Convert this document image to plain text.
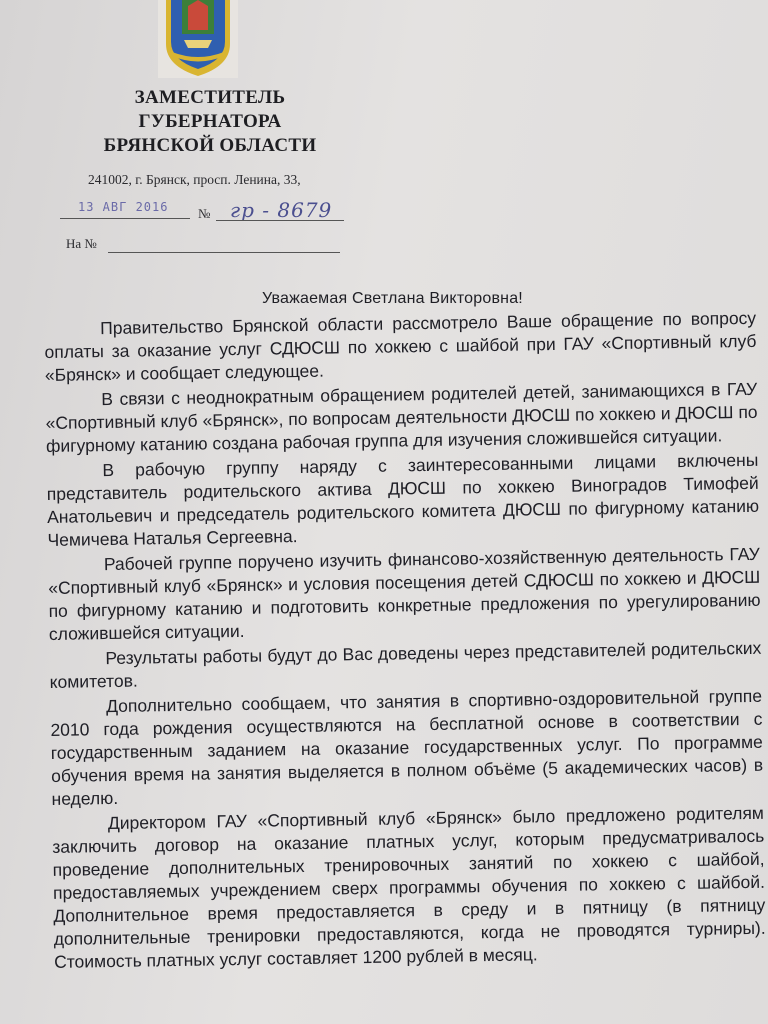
ЗАМЕСТИТЕЛЬ
ГУБЕРНАТОРА
БРЯНСКОЙ ОБЛАСТИ
241002, г. Брянск, просп. Ленина, 33,
13 АВГ 2016 № гр - 8679
На №
Уважаемая Светлана Викторовна!

Правительство Брянской области рассмотрело Ваше обращение по вопросу оплаты за оказание услуг СДЮСШ по хоккею с шайбой при ГАУ «Спортивный клуб «Брянск» и сообщает следующее.

В связи с неоднократным обращением родителей детей, занимающихся в ГАУ «Спортивный клуб «Брянск», по вопросам деятельности ДЮСШ по хоккею и ДЮСШ по фигурному катанию создана рабочая группа для изучения сложившейся ситуации.

В рабочую группу наряду с заинтересованными лицами включены представитель родительского актива ДЮСШ по хоккею Виноградов Тимофей Анатольевич и председатель родительского комитета ДЮСШ по фигурному катанию Чемичева Наталья Сергеевна.

Рабочей группе поручено изучить финансово-хозяйственную деятельность ГАУ «Спортивный клуб «Брянск» и условия посещения детей СДЮСШ по хоккею и ДЮСШ по фигурному катанию и подготовить конкретные предложения по урегулированию сложившейся ситуации.

Результаты работы будут до Вас доведены через представителей родительских комитетов.

Дополнительно сообщаем, что занятия в спортивно-оздоровительной группе 2010 года рождения осуществляются на бесплатной основе в соответствии с государственным заданием на оказание государственных услуг. По программе обучения время на занятия выделяется в полном объёме (5 академических часов) в неделю.

Директором ГАУ «Спортивный клуб «Брянск» было предложено родителям заключить договор на оказание платных услуг, которым предусматривалось проведение дополнительных тренировочных занятий по хоккею с шайбой, предоставляемых учреждением сверх программы обучения по хоккею с шайбой. Дополнительное время предоставляется в среду и в пятницу (в пятницу дополнительные тренировки предоставляются, когда не проводятся турниры). Стоимость платных услуг составляет 1200 рублей в месяц.
